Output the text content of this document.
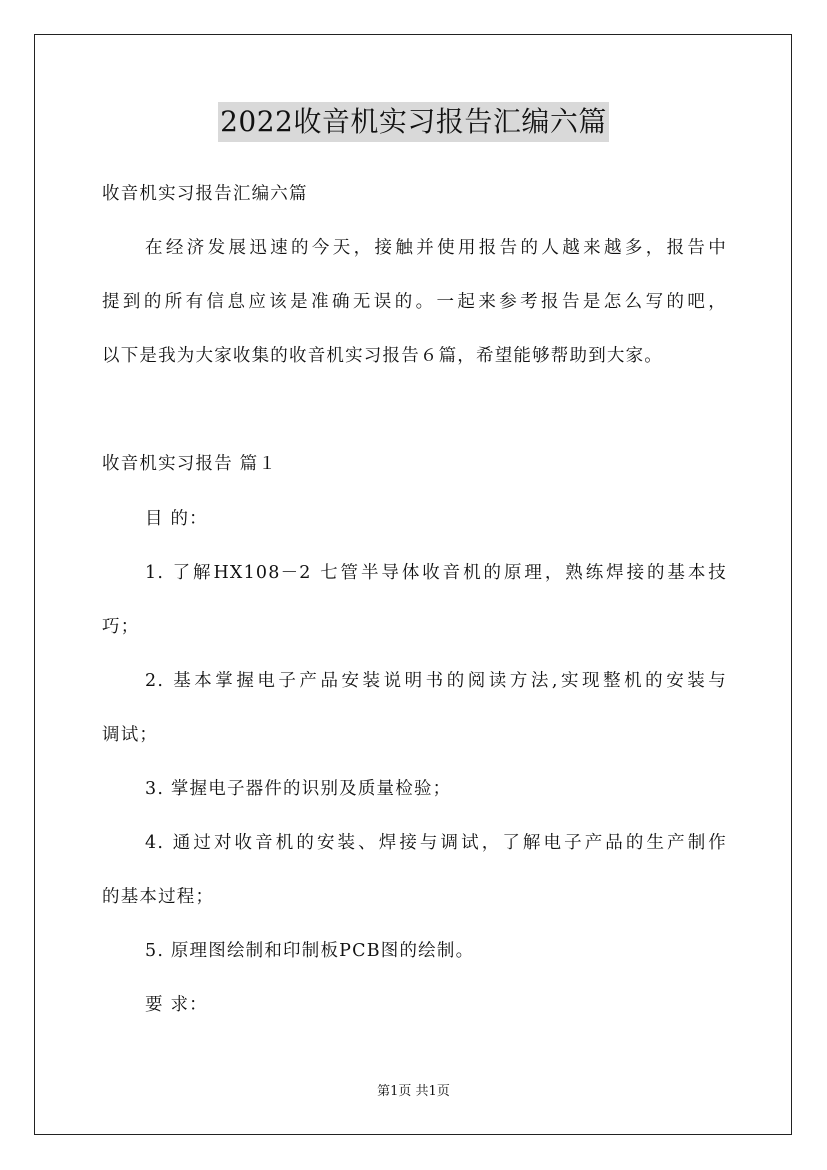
2022收音机实习报告汇编六篇
收音机实习报告汇编六篇
在经济发展迅速的今天，接触并使用报告的人越来越多，报告中
提到的所有信息应该是准确无误的。一起来参考报告是怎么写的吧，
以下是我为大家收集的收音机实习报告６篇，希望能够帮助到大家。
收音机实习报告 篇１
目 的：
1. 了解HX108－2 七管半导体收音机的原理，熟练焊接的基本技
巧；
2. 基本掌握电子产品安装说明书的阅读方法,实现整机的安装与
调试；
3. 掌握电子器件的识别及质量检验；
4. 通过对收音机的安装、焊接与调试，了解电子产品的生产制作
的基本过程；
5. 原理图绘制和印制板PCB图的绘制。
要 求：
第1页 共1页
